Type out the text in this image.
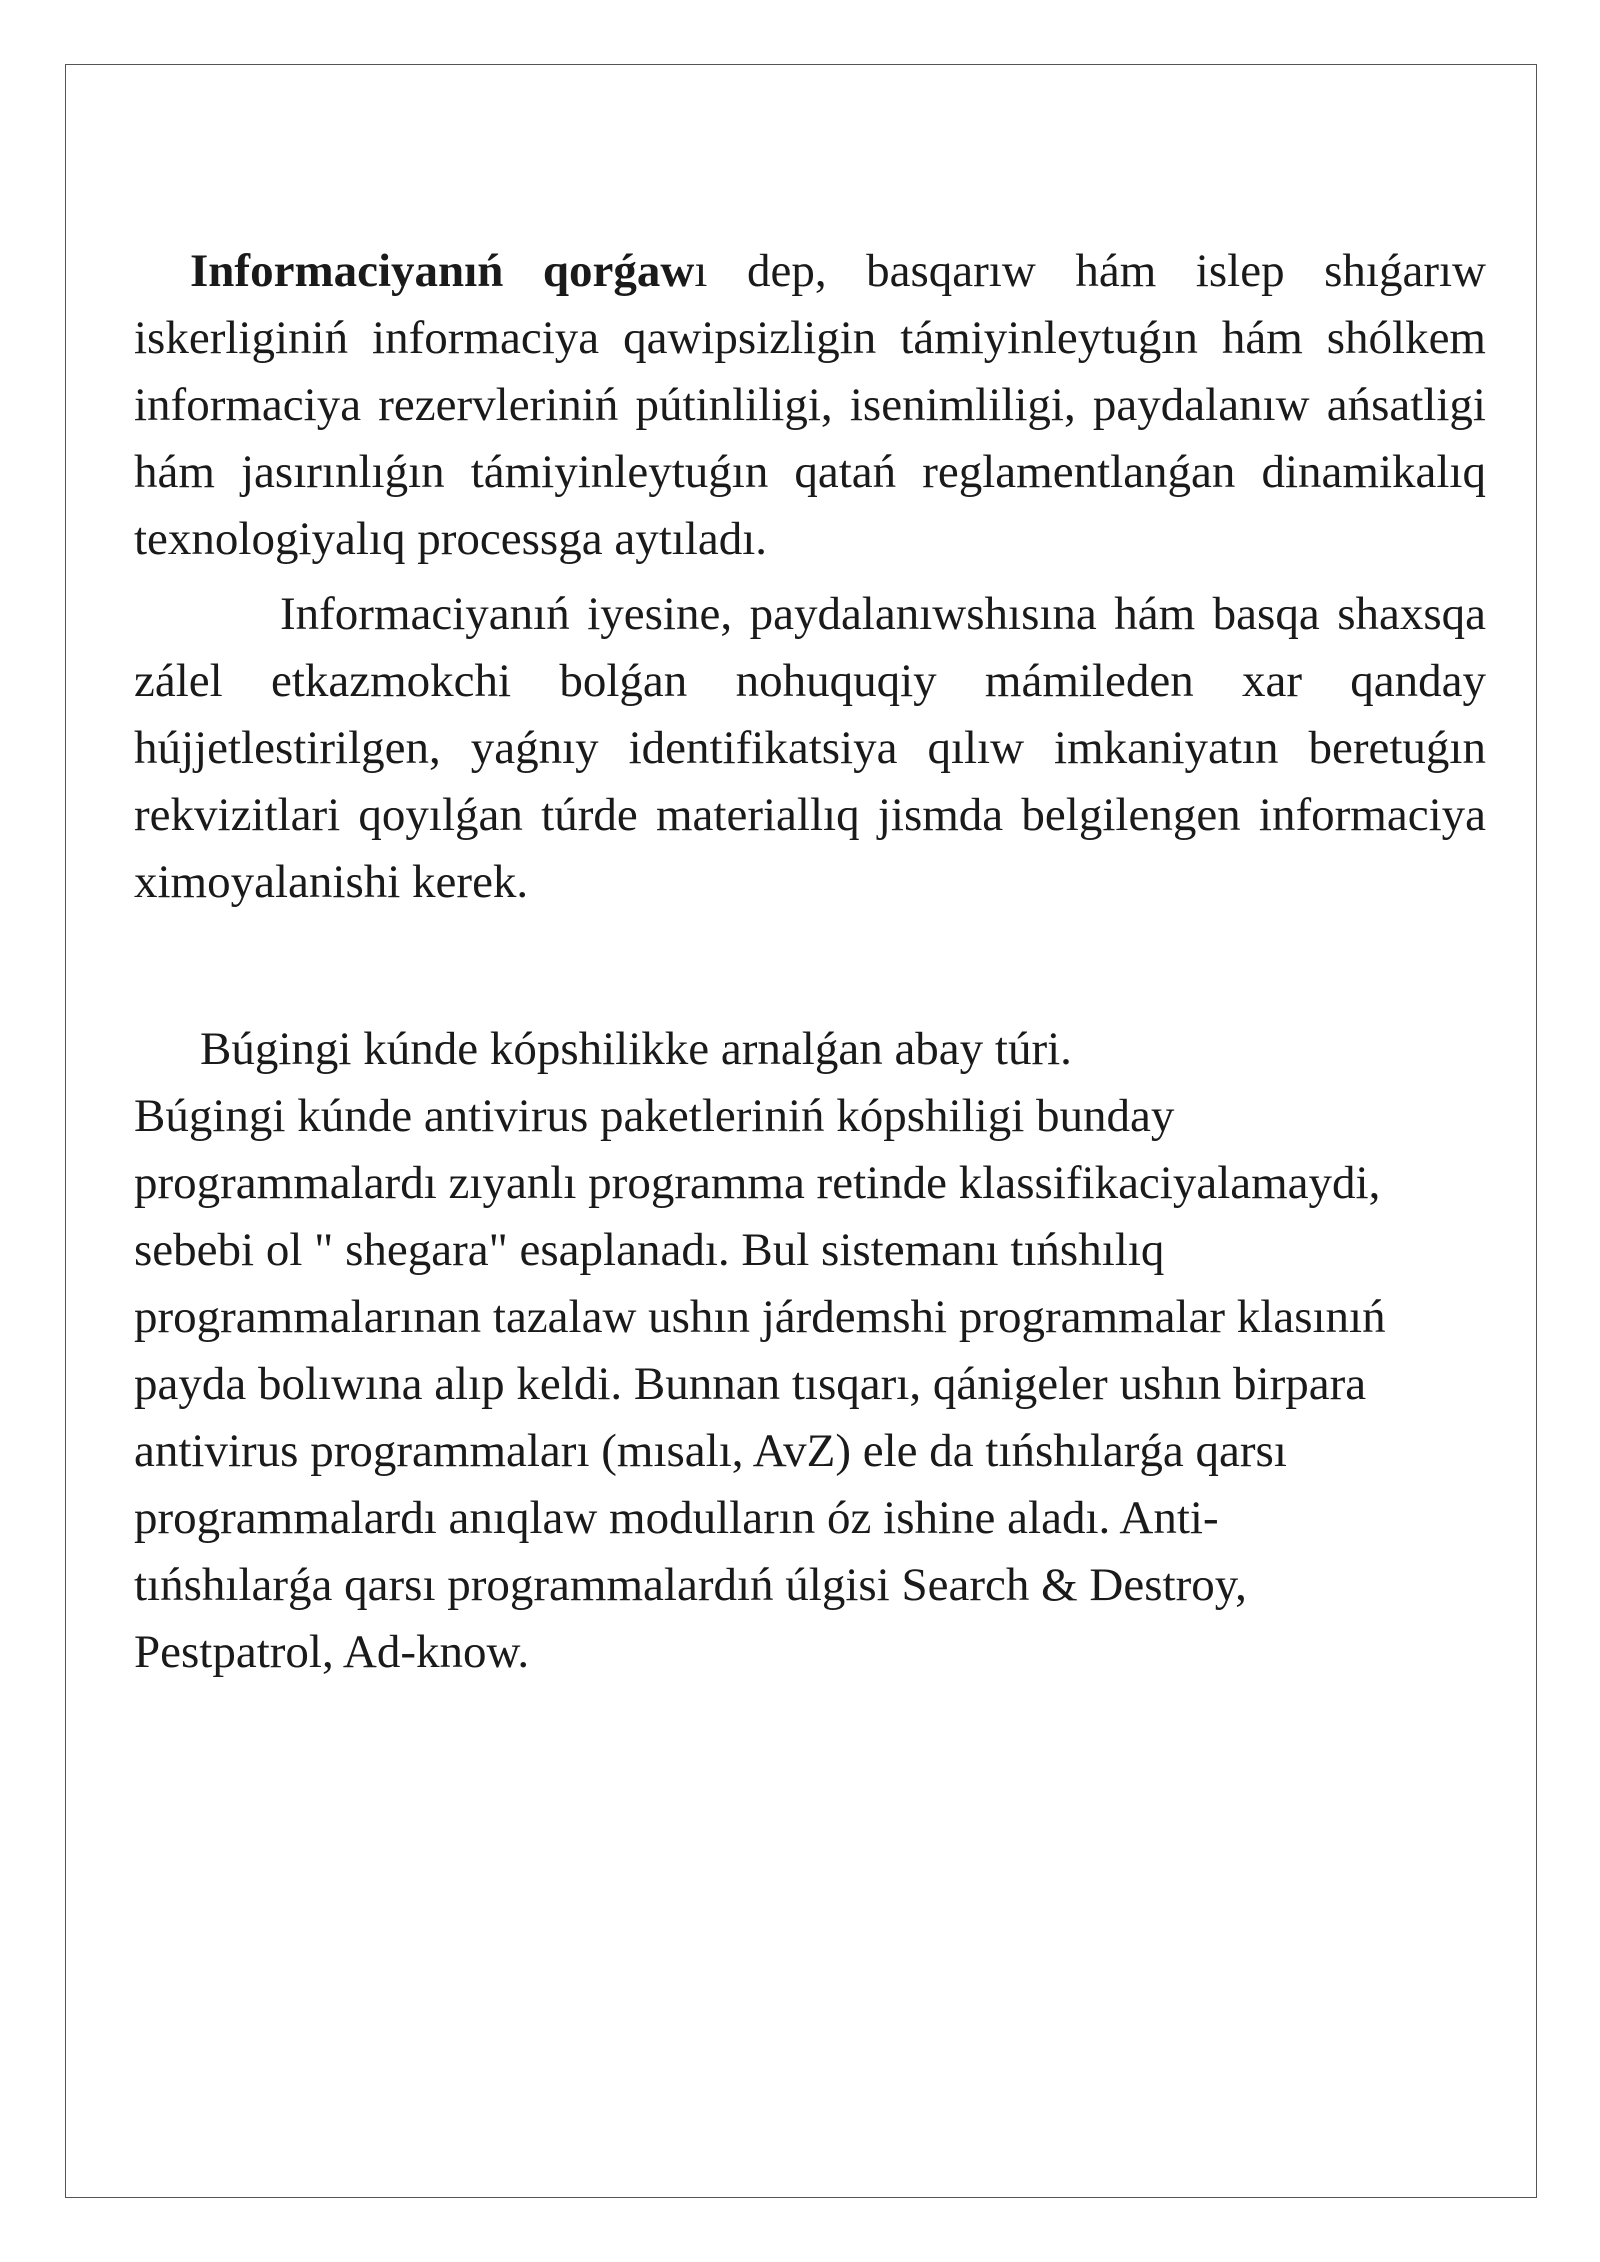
Informaciyanıń qorǵawı dep, basqarıw hám islep shıǵarıw iskerliginiń informaciya qawipsizligin támiyinleytuǵın hám shólkem informaciya rezervleriniń pútinliligi, isenimliligi, paydalanıw ańsatligi hám jasırınlıǵın támiyinleytuǵın qatań reglamentlanǵan dinamikalıq texnologiyalıq processga aytıladı.

Informaciyanıń iyesine, paydalanıwshısına hám basqa shaxsqa zálel etkazmokchi bolǵan nohuquqiy mámileden xar qanday hújjetlestirilgen, yaǵnıy identifikatsiya qılıw imkaniyatın beretuǵın rekvizitlari qoyılǵan túrde materiallıq jismda belgilengen informaciya ximoyalanishi kerek.

Búgingi kúnde kópshilikke arnalǵan abay túri.
Búgingi kúnde antivirus paketleriniń kópshiligi bunday programmalardı zıyanlı programma retinde klassifikaciyalamaydi, sebebi ol " shegara" esaplanadı. Bul sistemanı tıńshılıq programmalarınan tazalaw ushın járdemshi programmalar klasınıń payda bolıwına alıp keldi. Bunnan tısqarı, qánigeler ushın birpara antivirus programmaları (mısalı, AvZ) ele da tıńshılarǵa qarsı programmalardı anıqlaw modulların óz ishine aladı. Anti-tıńshılarǵa qarsı programmalardıń úlgisi Search & Destroy, Pestpatrol, Ad-know.
